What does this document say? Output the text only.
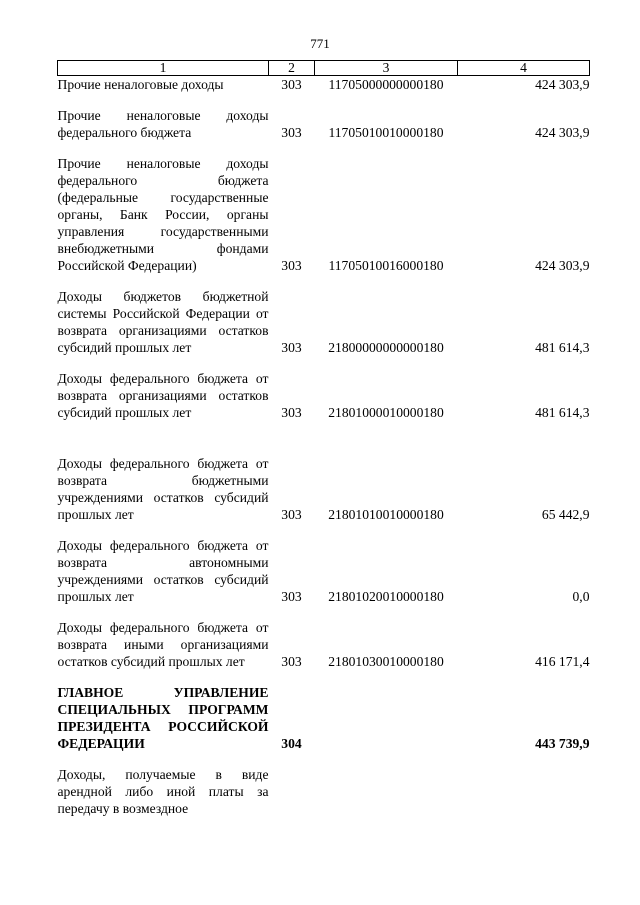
771
1	2	3	4
Прочие неналоговые доходы	303	11705000000000180	424 303,9

Прочие неналоговые доходы федерального бюджета	303	11705010010000180	424 303,9

Прочие неналоговые доходы федерального бюджета (федеральные государственные органы, Банк России, органы управления государственными внебюджетными фондами Российской Федерации)	303	11705010016000180	424 303,9

Доходы бюджетов бюджетной системы Российской Федерации от возврата организациями остатков субсидий прошлых лет	303	21800000000000180	481 614,3

Доходы федерального бюджета от возврата организациями остатков субсидий прошлых лет	303	21801000010000180	481 614,3

Доходы федерального бюджета от возврата бюджетными учреждениями остатков субсидий прошлых лет	303	21801010010000180	65 442,9

Доходы федерального бюджета от возврата автономными учреждениями остатков субсидий прошлых лет	303	21801020010000180	0,0

Доходы федерального бюджета от возврата иными организациями остатков субсидий прошлых лет	303	21801030010000180	416 171,4

ГЛАВНОЕ УПРАВЛЕНИЕ СПЕЦИАЛЬНЫХ ПРОГРАММ ПРЕЗИДЕНТА РОССИЙСКОЙ ФЕДЕРАЦИИ	304		443 739,9

Доходы, получаемые в виде арендной либо иной платы за передачу в возмездное			
